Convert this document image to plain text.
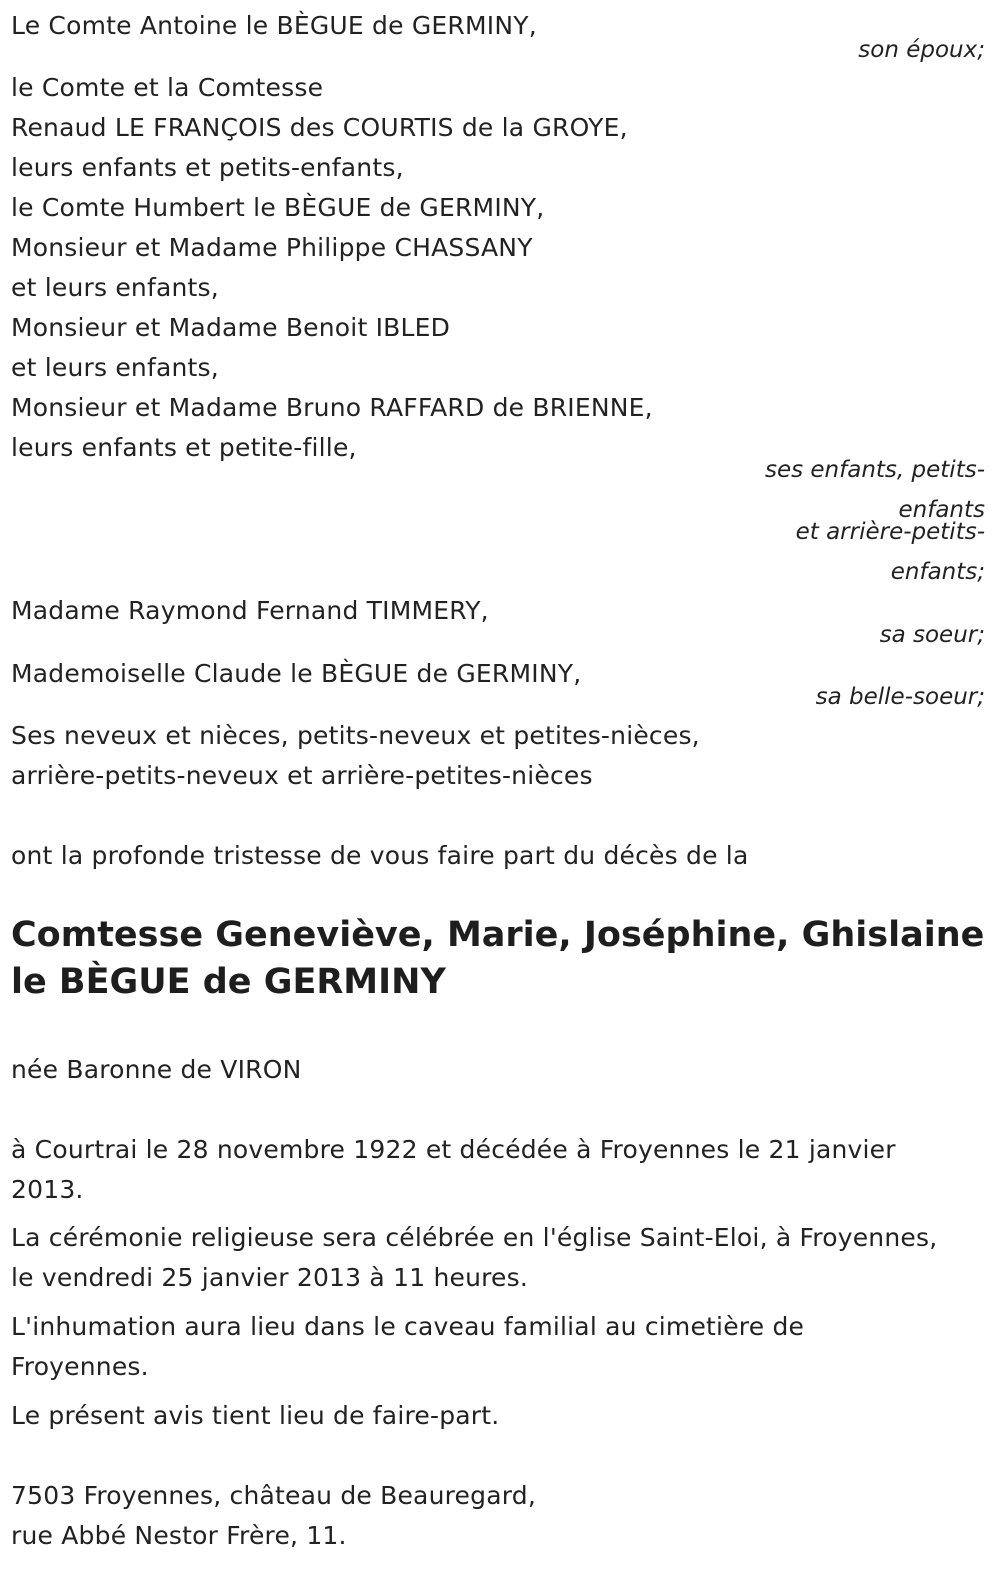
Le Comte Antoine le BÈGUE de GERMINY,
son époux;
le Comte et la Comtesse
Renaud LE FRANÇOIS des COURTIS de la GROYE,
leurs enfants et petits-enfants,
le Comte Humbert le BÈGUE de GERMINY,
Monsieur et Madame Philippe CHASSANY
et leurs enfants,
Monsieur et Madame Benoit IBLED
et leurs enfants,
Monsieur et Madame Bruno RAFFARD de BRIENNE,
leurs enfants et petite-fille,
ses enfants, petits-
enfants
et arrière-petits-
enfants;
Madame Raymond Fernand TIMMERY,
sa soeur;
Mademoiselle Claude le BÈGUE de GERMINY,
sa belle-soeur;
Ses neveux et nièces, petits-neveux et petites-nièces,
arrière-petits-neveux et arrière-petites-nièces
ont la profonde tristesse de vous faire part du décès de la
Comtesse Geneviève, Marie, Joséphine, Ghislaine
le BÈGUE de GERMINY
née Baronne de VIRON
à Courtrai le 28 novembre 1922 et décédée à Froyennes le 21 janvier
2013.
La cérémonie religieuse sera célébrée en l'église Saint-Eloi, à Froyennes,
le vendredi 25 janvier 2013 à 11 heures.
L'inhumation aura lieu dans le caveau familial au cimetière de
Froyennes.
Le présent avis tient lieu de faire-part.
7503 Froyennes, château de Beauregard,
rue Abbé Nestor Frère, 11.
